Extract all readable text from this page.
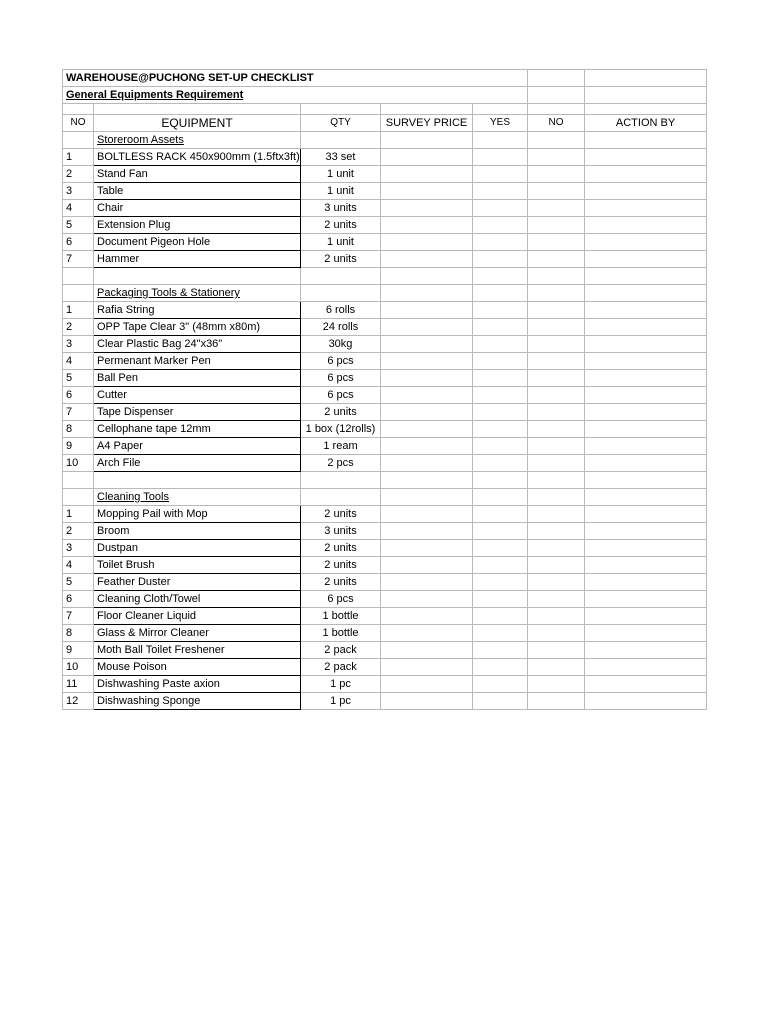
WAREHOUSE@PUCHONG SET-UP CHECKLIST						
General Equipments Requirement						

NO	EQUIPMENT	QTY	SURVEY PRICE	YES	NO	ACTION BY
	Storeroom Assets					
1	BOLTLESS RACK 450x900mm (1.5ftx3ft)	33 set				
2	Stand Fan	1 unit				
3	Table	1 unit				
4	Chair	3 units				
5	Extension Plug	2 units				
6	Document Pigeon Hole	1 unit				
7	Hammer	2 units				

	Packaging Tools & Stationery					
1	Rafia String	6 rolls				
2	OPP Tape Clear 3" (48mm x80m)	24 rolls				
3	Clear Plastic Bag 24"x36"	30kg				
4	Permenant Marker Pen	6 pcs				
5	Ball Pen	6 pcs				
6	Cutter	6 pcs				
7	Tape Dispenser	2 units				
8	Cellophane tape 12mm	1 box (12rolls)				
9	A4 Paper	1 ream				
10	Arch File	2 pcs				

	Cleaning Tools					
1	Mopping Pail with Mop	2 units				
2	Broom	3 units				
3	Dustpan	2 units				
4	Toilet Brush	2 units				
5	Feather Duster	2 units				
6	Cleaning Cloth/Towel	6 pcs				
7	Floor Cleaner Liquid	1 bottle				
8	Glass & Mirror Cleaner	1 bottle				
9	Moth Ball Toilet Freshener	2 pack				
10	Mouse Poison	2 pack				
11	Dishwashing Paste axion	1 pc				
12	Dishwashing Sponge	1 pc				
